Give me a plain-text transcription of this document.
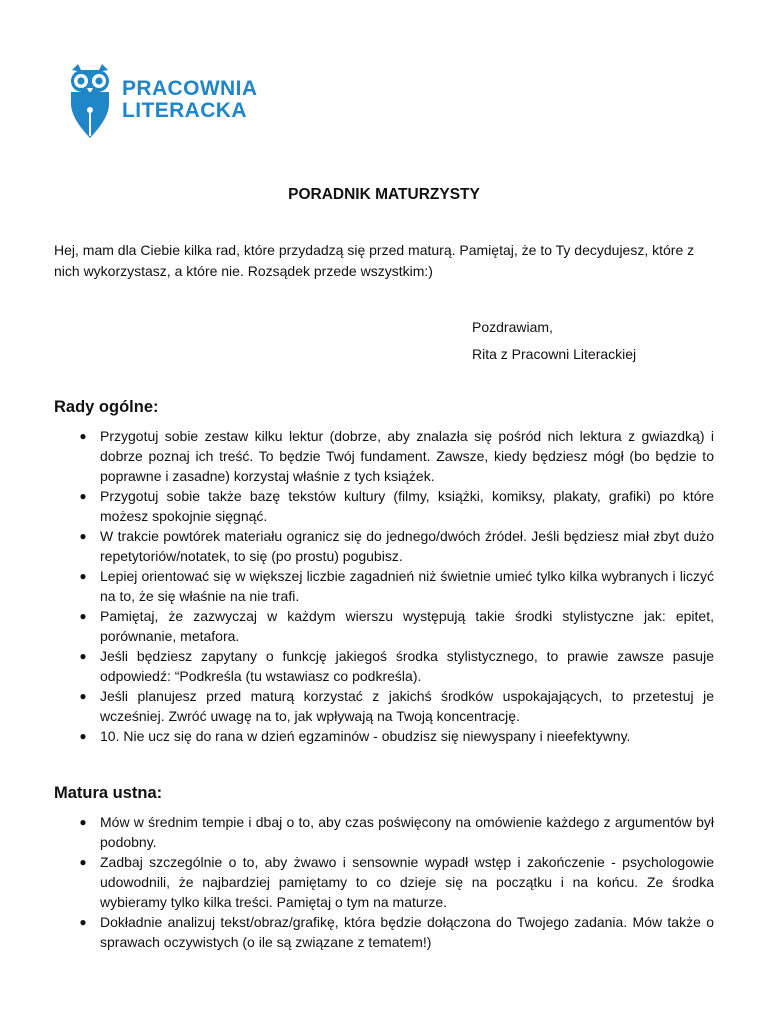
PRACOWNIA
LITERACKA
PORADNIK MATURZYSTY
Hej, mam dla Ciebie kilka rad, które przydadzą się przed maturą. Pamiętaj, że to Ty decydujesz, które z nich wykorzystasz, a które nie. Rozsądek przede wszystkim:)
Pozdrawiam,
Rita z Pracowni Literackiej
Rady ogólne:
● Przygotuj sobie zestaw kilku lektur (dobrze, aby znalazła się pośród nich lektura z gwiazdką) i dobrze poznaj ich treść. To będzie Twój fundament. Zawsze, kiedy będziesz mógł (bo będzie to poprawne i zasadne) korzystaj właśnie z tych książek.
● Przygotuj sobie także bazę tekstów kultury (filmy, książki, komiksy, plakaty, grafiki) po które możesz spokojnie sięgnąć.
● W trakcie powtórek materiału ogranicz się do jednego/dwóch źródeł. Jeśli będziesz miał zbyt dużo repetytoriów/notatek, to się (po prostu) pogubisz.
● Lepiej orientować się w większej liczbie zagadnień niż świetnie umieć tylko kilka wybranych i liczyć na to, że się właśnie na nie trafi.
● Pamiętaj, że zazwyczaj w każdym wierszu występują takie środki stylistyczne jak: epitet, porównanie, metafora.
● Jeśli będziesz zapytany o funkcję jakiegoś środka stylistycznego, to prawie zawsze pasuje odpowiedź: “Podkreśla (tu wstawiasz co podkreśla).
● Jeśli planujesz przed maturą korzystać z jakichś środków uspokajających, to przetestuj je wcześniej. Zwróć uwagę na to, jak wpływają na Twoją koncentrację.
● 10. Nie ucz się do rana w dzień egzaminów - obudzisz się niewyspany i nieefektywny.
Matura ustna:
● Mów w średnim tempie i dbaj o to, aby czas poświęcony na omówienie każdego z argumentów był podobny.
● Zadbaj szczególnie o to, aby żwawo i sensownie wypadł wstęp i zakończenie - psychologowie udowodnili, że najbardziej pamiętamy to co dzieje się na początku i na końcu. Ze środka wybieramy tylko kilka treści. Pamiętaj o tym na maturze.
● Dokładnie analizuj tekst/obraz/grafikę, która będzie dołączona do Twojego zadania. Mów także o sprawach oczywistych (o ile są związane z tematem!)
